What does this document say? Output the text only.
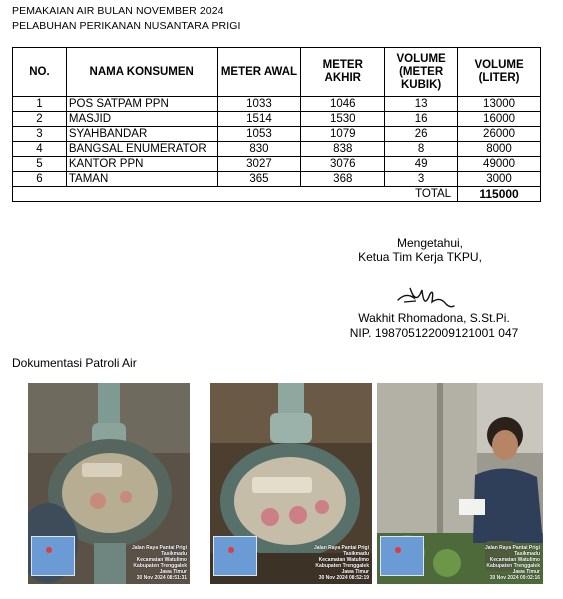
PEMAKAIAN AIR BULAN NOVEMBER 2024
PELABUHAN PERIKANAN NUSANTARA PRIGI
NO.	NAMA KONSUMEN	METER AWAL	METER AKHIR	VOLUME (METER KUBIK)	VOLUME (LITER)
1	POS SATPAM PPN	1033	1046	13	13000
2	MASJID	1514	1530	16	16000
3	SYAHBANDAR	1053	1079	26	26000
4	BANGSAL ENUMERATOR	830	838	8	8000
5	KANTOR PPN	3027	3076	49	49000
6	TAMAN	365	368	3	3000
				TOTAL	115000
Mengetahui,
Ketua Tim Kerja TKPU,
Wakhit Rhomadona, S.St.Pi.
NIP. 198705122009121001 047
Dokumentasi Patroli Air
Jalan Raya Pantai Prigi
Tasikmadu
Kecamatan Watulimo
Kabupaten Trenggalek
Jawa Timur
30 Nov 2024 08:51:31
Jalan Raya Pantai Prigi
Tasikmadu
Kecamatan Watulimo
Kabupaten Trenggalek
Jawa Timur
30 Nov 2024 08:52:19
Jalan Raya Pantai Prigi
Tasikmadu
Kecamatan Watulimo
Kabupaten Trenggalek
Jawa Timur
30 Nov 2024 09:02:16
